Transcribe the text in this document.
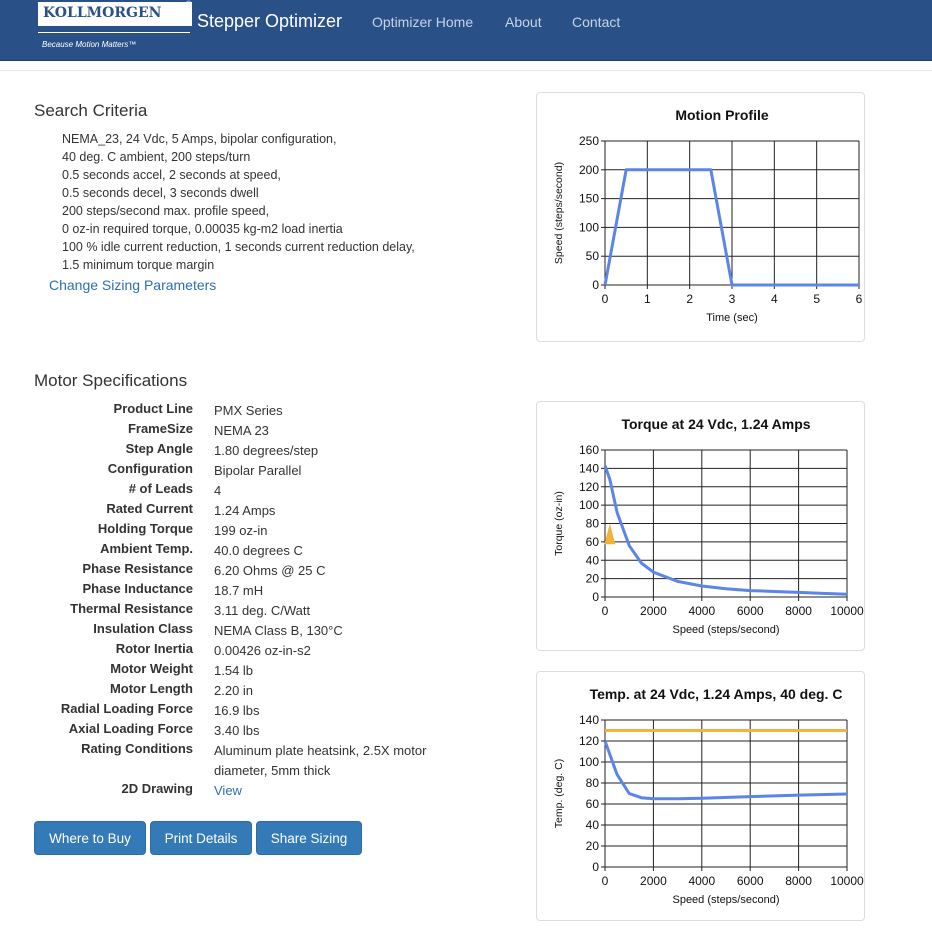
KOLLMORGEN
®
Because Motion Matters™
Stepper Optimizer Optimizer Home About Contact
Search Criteria
NEMA_23, 24 Vdc, 5 Amps, bipolar configuration,
40 deg. C ambient, 200 steps/turn
0.5 seconds accel, 2 seconds at speed,
0.5 seconds decel, 3 seconds dwell
200 steps/second max. profile speed,
0 oz-in required torque, 0.00035 kg-m2 load inertia
100 % idle current reduction, 1 seconds current reduction delay,
1.5 minimum torque margin
Change Sizing Parameters
Motor Specifications
Product Line PMX Series
FrameSize NEMA 23
Step Angle 1.80 degrees/step
Configuration Bipolar Parallel
# of Leads 4
Rated Current 1.24 Amps
Holding Torque 199 oz-in
Ambient Temp. 40.0 degrees C
Phase Resistance 6.20 Ohms @ 25 C
Phase Inductance 18.7 mH
Thermal Resistance 3.11 deg. C/Watt
Insulation Class NEMA Class B, 130°C
Rotor Inertia 0.00426 oz-in-s2
Motor Weight 1.54 lb
Motor Length 2.20 in
Radial Loading Force 16.9 lbs
Axial Loading Force 3.40 lbs
Rating Conditions Aluminum plate heatsink, 2.5X motor diameter, 5mm thick
2D Drawing View
Where to Buy	Print Details	Share Sizing
Motion Profile
0	1	2	3	4	5	6
0
50
100
150
200
250
Time (sec)
Speed (steps/second)
Torque at 24 Vdc, 1.24 Amps
0	2000 4000 6000 8000 10000
0
20
40
60
80
100
120
140
160
Speed (steps/second)
Torque (oz-in)
Temp. at 24 Vdc, 1.24 Amps, 40 deg. C
0	2000 4000 6000 8000 10000
0
20
40
60
80
100
120
140
Speed (steps/second)
Temp. (deg. C)
